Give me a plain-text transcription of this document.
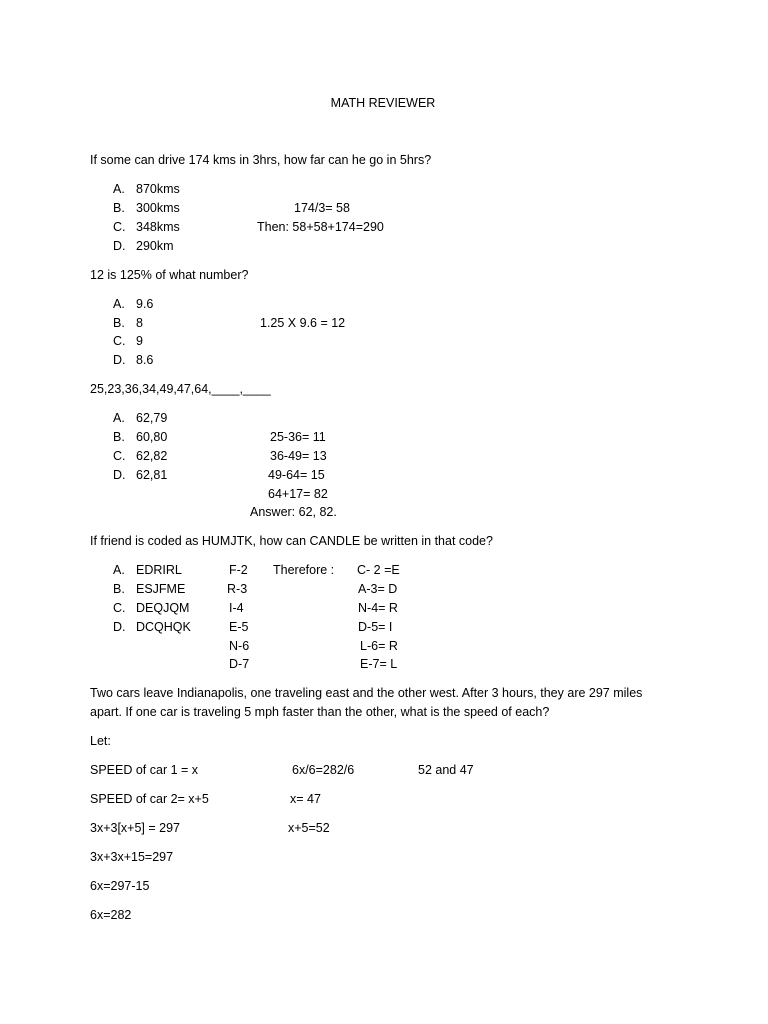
MATH REVIEWER
If some can drive 174 kms in 3hrs, how far can he go in 5hrs?
A. 870kms
B. 300kms
C. 348kms
D. 290km
174/3= 58
Then: 58+58+174=290
12 is 125% of what number?
A. 9.6
B. 8
C. 9
D. 8.6
1.25 X 9.6 = 12
25,23,36,34,49,47,64,____,____
A. 62,79
B. 60,80
C. 62,82
D. 62,81
25-36= 11
36-49= 13
49-64= 15
64+17= 82
Answer: 62, 82.
If friend is coded as HUMJTK, how can CANDLE be written in that code?
A. EDRIRL
B. ESJFME
C. DEQJQM
D. DCQHQK
F-2
R-3
I-4
E-5
N-6
D-7
Therefore : C- 2 =E
A-3= D
N-4= R
D-5= I
L-6= R
E-7= L
Two cars leave Indianapolis, one traveling east and the other west. After 3 hours, they are 297 miles
apart. If one car is traveling 5 mph faster than the other, what is the speed of each?
Let:
SPEED of car 1 = x
SPEED of car 2= x+5
3x+3[x+5] = 297
3x+3x+15=297
6x=297-15
6x=282
6x/6=282/6
x= 47
x+5=52
52 and 47
